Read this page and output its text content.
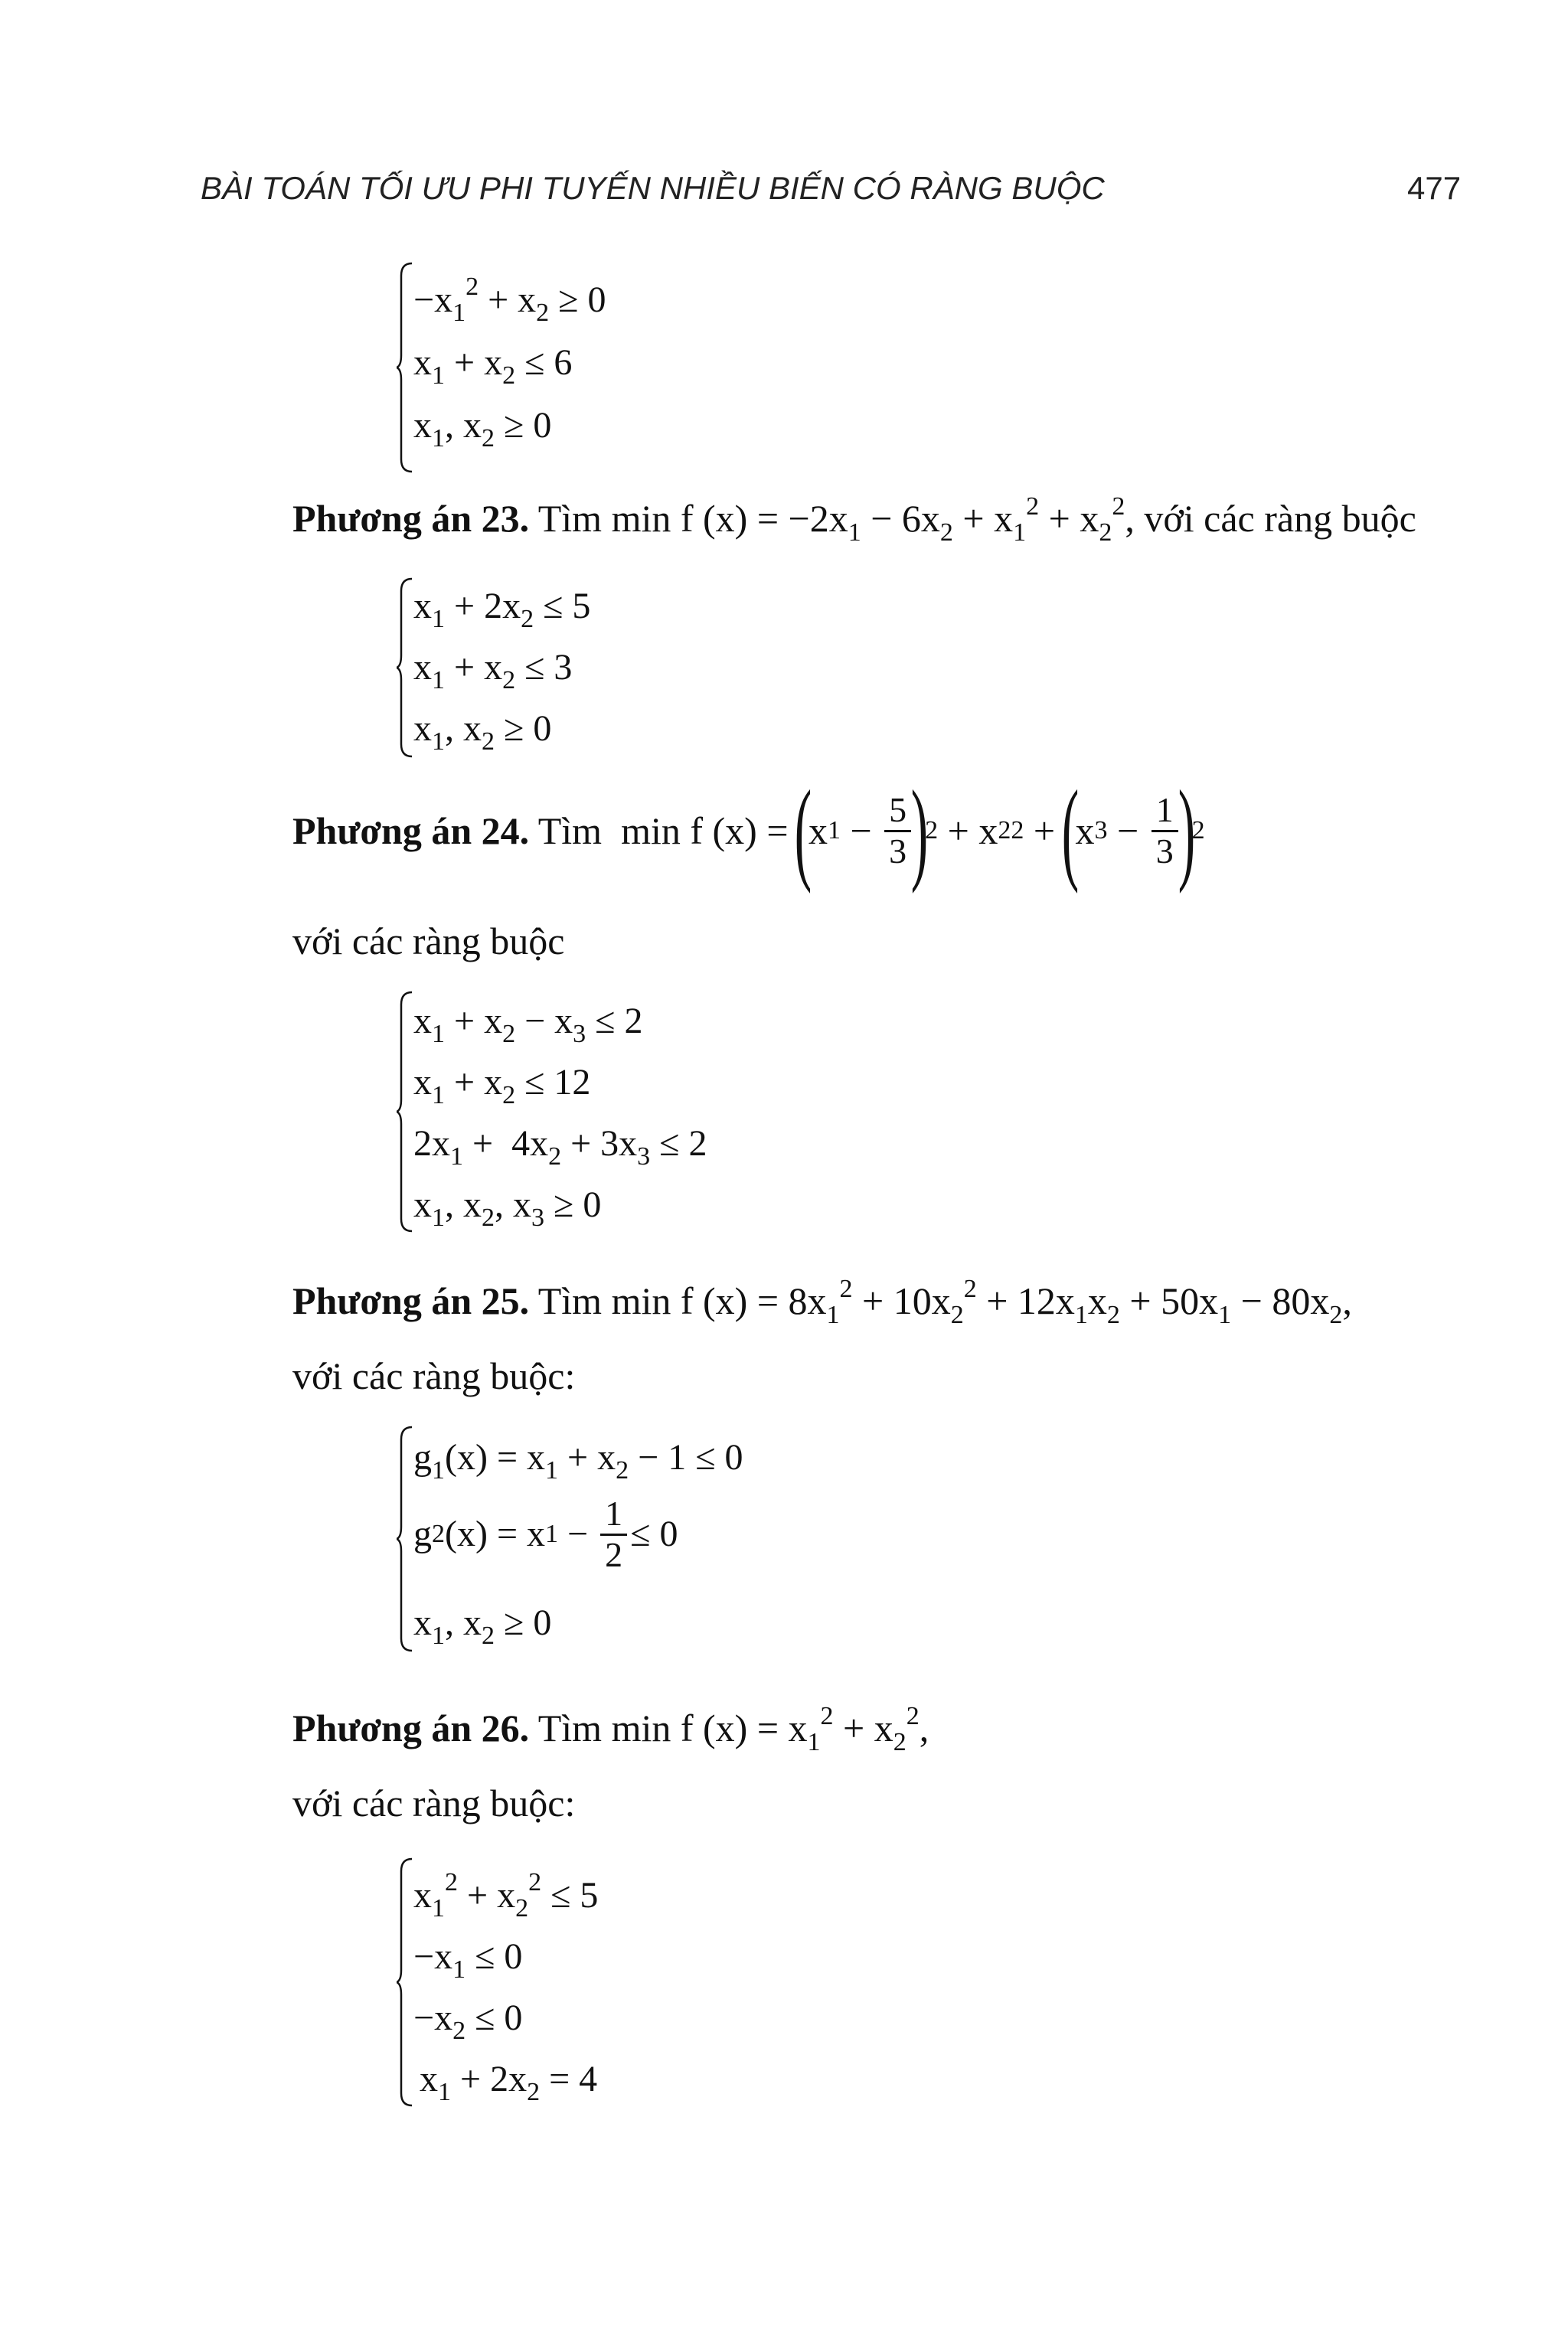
BÀI TOÁN TỐI ƯU PHI TUYẾN NHIỀU BIẾN CÓ RÀNG BUỘC	477
$-x_1^2 + x_2 \ge 0$
$x_1 + x_2 \le 6$
$x_1$, $x_2 \ge 0$
Phương án 23. Tìm min f $(x) = -2x_1 - 6x_2 + x_1^2 + x_2^2$, với các ràng buộc
$x_1 + 2x_2 \le 5$
$x_1 + x_2 \le 3$
$x_1$, $x_2 \ge 0$
Phương án 24. Tìm  min f (x) =
(
x $1 - \frac{5}{3}$ )
2 + x 2 2 +
(
x $3 - \frac{1}{3}$ )
2
với các ràng buộc
$x_1 + x_2 - x_3 \le 2$
$x_1 + x_2 \le 12$
$2x_1 + 4x_2 + 3x_3 \le 2$
$x_1$, $x_2$, $x_3 \ge 0$
Phương án 25. Tìm min f $(x) = 8x_1^2 + 10x_2^2 + 12x_1x_2 + 50x_1 - 80x_2$,
với các ràng buộc:
$g_1(x) = x_1 + x_2 - 1 \le 0$
g 2 (x) = x $1 - \frac{1}{2} \le 0$
$x_1$, $x_2 \ge 0$
Phương án 26. Tìm min f $(x) = x_1^2 + x_2^2$,
với các ràng buộc:
$x_1^2 + x_2^2 \le 5$
$-x_1 \le 0$
$-x_2 \le 0$
$x_1 + 2x_2 = 4$
